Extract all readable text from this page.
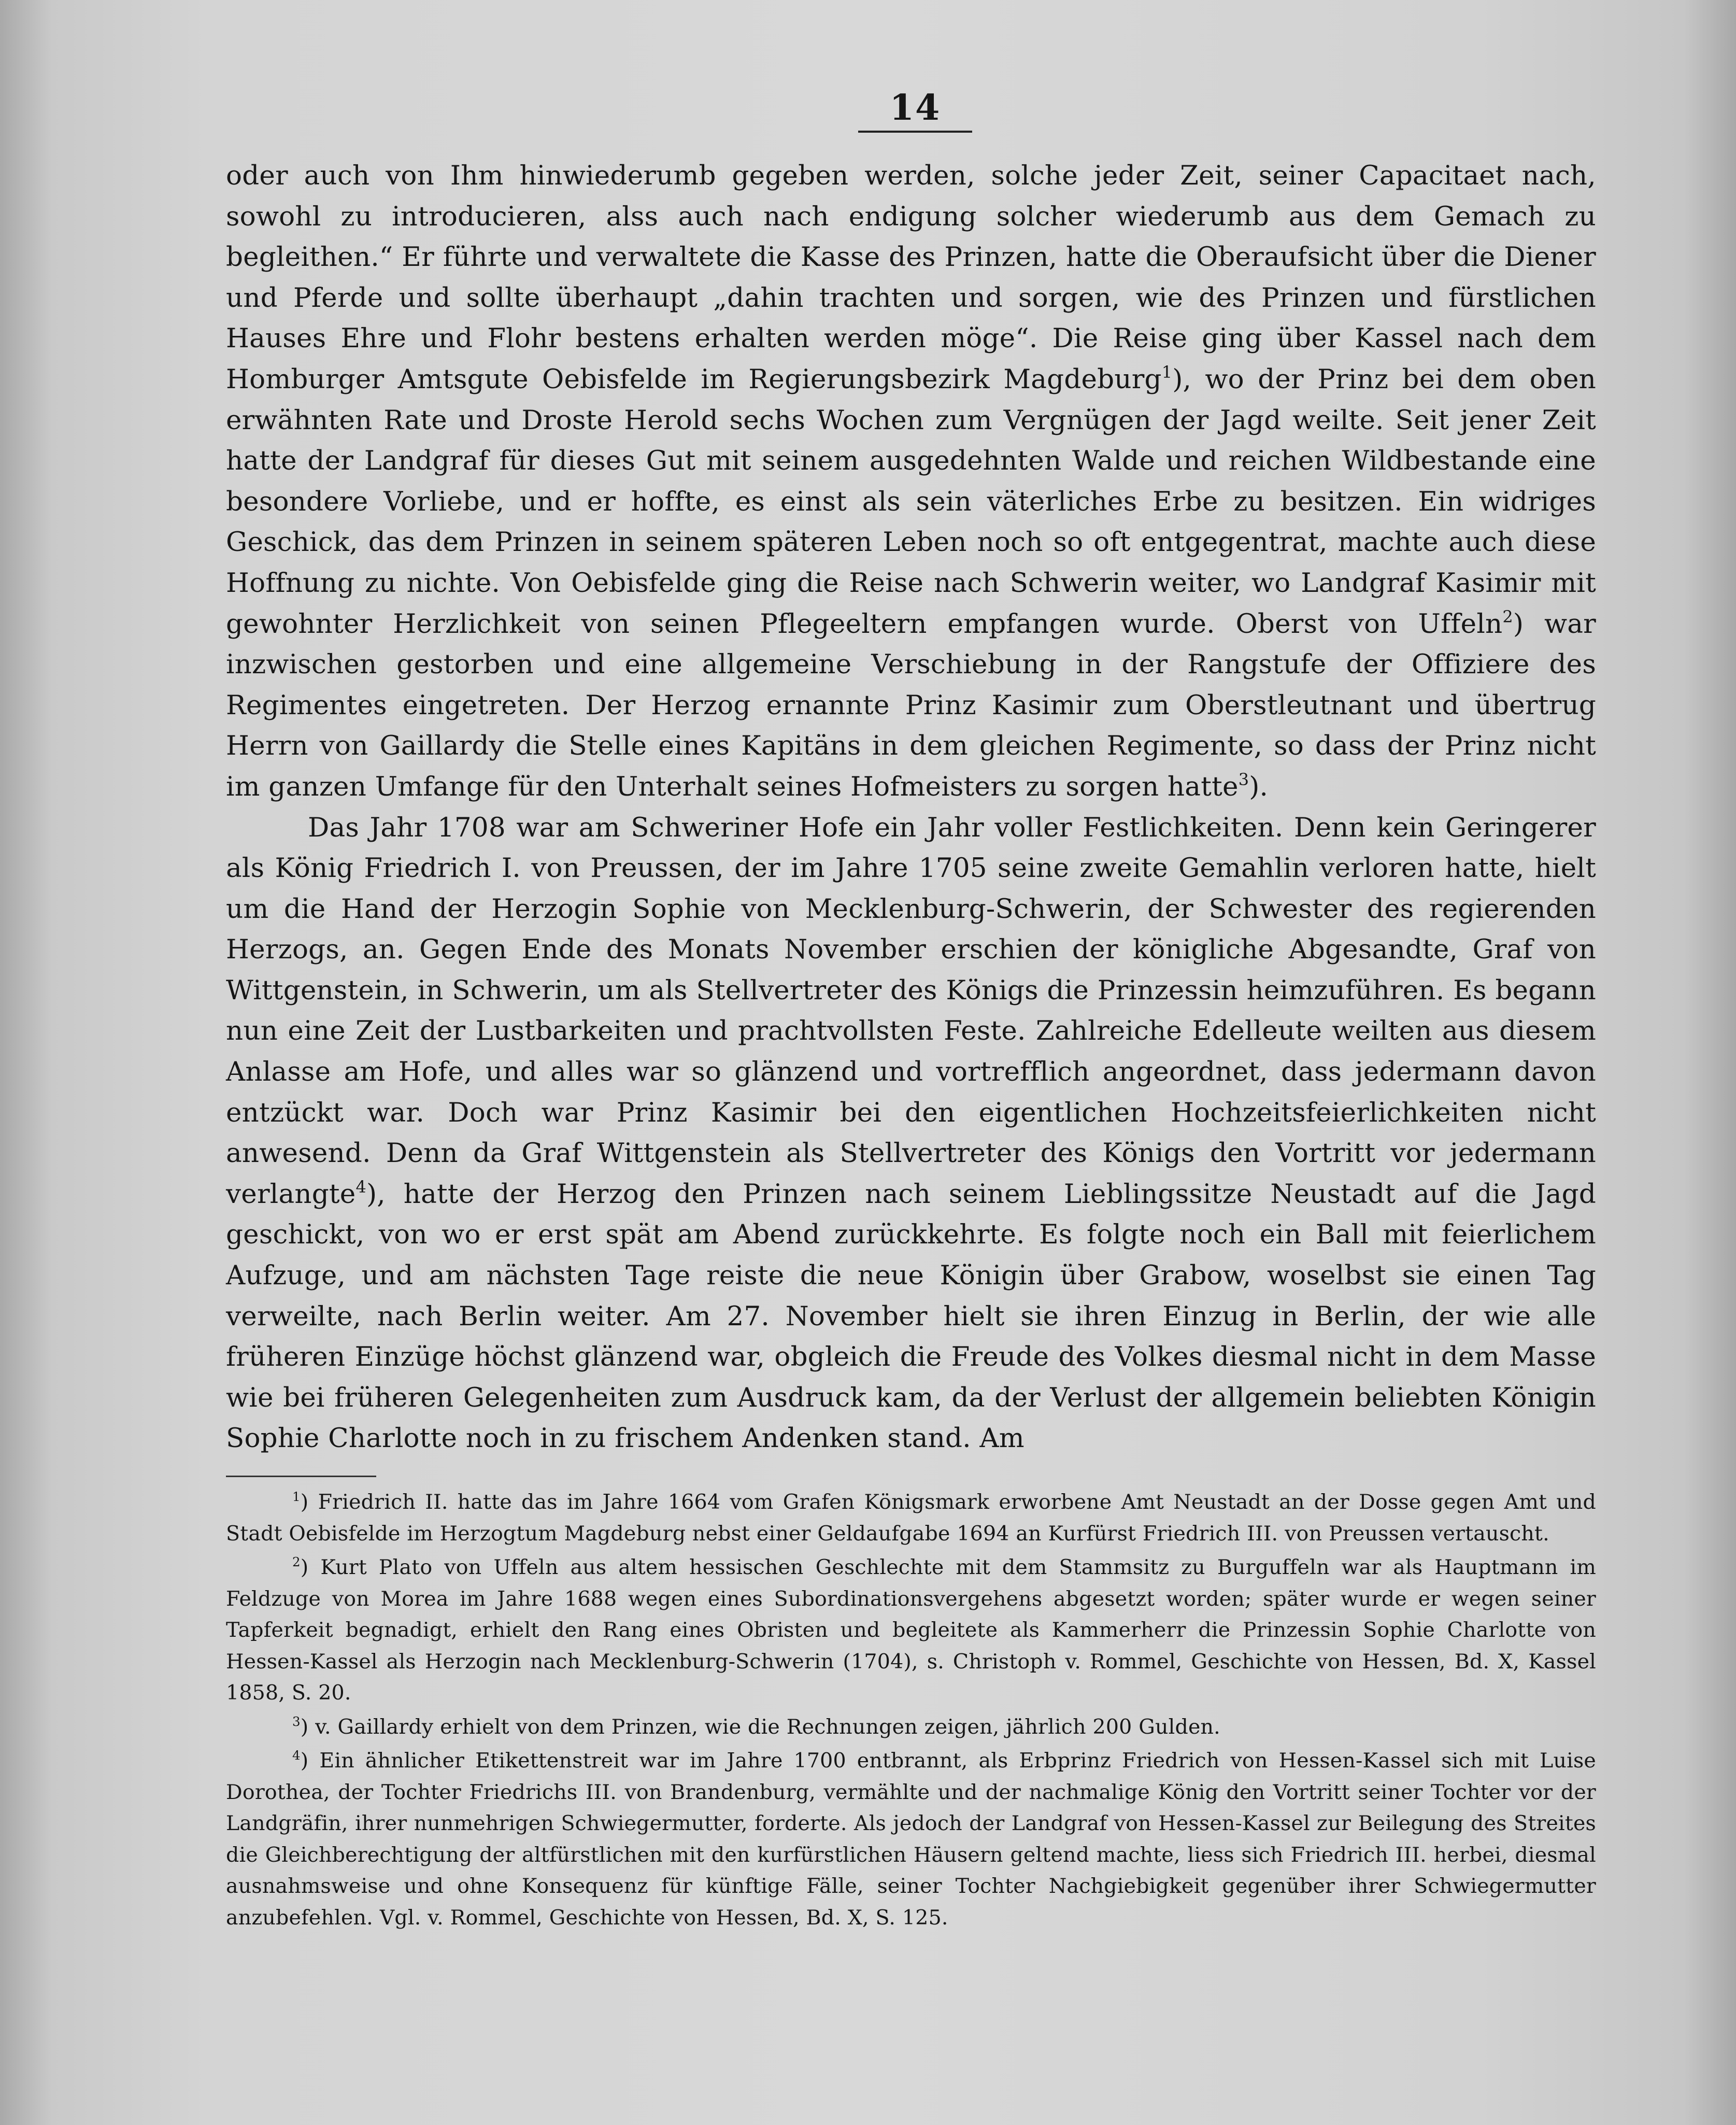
14

oder auch von Ihm hinwiederumb gegeben werden, solche jeder Zeit, seiner Capacitaet nach, sowohl zu introducieren, alss auch nach endigung solcher wiederumb aus dem Gemach zu begleithen.“ Er führte und verwaltete die Kasse des Prinzen, hatte die Oberaufsicht über die Diener und Pferde und sollte überhaupt „dahin trachten und sorgen, wie des Prinzen und fürstlichen Hauses Ehre und Flohr bestens erhalten werden möge“. Die Reise ging über Kassel nach dem Homburger Amtsgute Oebisfelde im Regierungsbezirk Magdeburg$^1$), wo der Prinz bei dem oben erwähnten Rate und Droste Herold sechs Wochen zum Vergnügen der Jagd weilte. Seit jener Zeit hatte der Landgraf für dieses Gut mit seinem ausgedehnten Walde und reichen Wildbestande eine besondere Vorliebe, und er hoffte, es einst als sein väterliches Erbe zu besitzen. Ein widriges Geschick, das dem Prinzen in seinem späteren Leben noch so oft entgegentrat, machte auch diese Hoffnung zu nichte. Von Oebisfelde ging die Reise nach Schwerin weiter, wo Landgraf Kasimir mit gewohnter Herzlichkeit von seinen Pflegeeltern empfangen wurde. Oberst von Uffeln$^2$) war inzwischen gestorben und eine allgemeine Verschiebung in der Rangstufe der Offiziere des Regimentes eingetreten. Der Herzog ernannte Prinz Kasimir zum Oberstleutnant und übertrug Herrn von Gaillardy die Stelle eines Kapitäns in dem gleichen Regimente, so dass der Prinz nicht im ganzen Umfange für den Unterhalt seines Hofmeisters zu sorgen hatte$^3$).

Das Jahr 1708 war am Schweriner Hofe ein Jahr voller Festlichkeiten. Denn kein Geringerer als König Friedrich I. von Preussen, der im Jahre 1705 seine zweite Gemahlin verloren hatte, hielt um die Hand der Herzogin Sophie von Mecklenburg-Schwerin, der Schwester des regierenden Herzogs, an. Gegen Ende des Monats November erschien der königliche Abgesandte, Graf von Wittgenstein, in Schwerin, um als Stellvertreter des Königs die Prinzessin heimzuführen. Es begann nun eine Zeit der Lustbarkeiten und prachtvollsten Feste. Zahlreiche Edelleute weilten aus diesem Anlasse am Hofe, und alles war so glänzend und vortrefflich angeordnet, dass jedermann davon entzückt war. Doch war Prinz Kasimir bei den eigentlichen Hochzeitsfeierlichkeiten nicht anwesend. Denn da Graf Wittgenstein als Stellvertreter des Königs den Vortritt vor jedermann verlangte$^4$), hatte der Herzog den Prinzen nach seinem Lieblingssitze Neustadt auf die Jagd geschickt, von wo er erst spät am Abend zurückkehrte. Es folgte noch ein Ball mit feierlichem Aufzuge, und am nächsten Tage reiste die neue Königin über Grabow, woselbst sie einen Tag verweilte, nach Berlin weiter. Am 27. November hielt sie ihren Einzug in Berlin, der wie alle früheren Einzüge höchst glänzend war, obgleich die Freude des Volkes diesmal nicht in dem Masse wie bei früheren Gelegenheiten zum Ausdruck kam, da der Verlust der allgemein beliebten Königin Sophie Charlotte noch in zu frischem Andenken stand. Am

$^1$) Friedrich II. hatte das im Jahre 1664 vom Grafen Königsmark erworbene Amt Neustadt an der Dosse gegen Amt und Stadt Oebisfelde im Herzogtum Magdeburg nebst einer Geldaufgabe 1694 an Kurfürst Friedrich III. von Preussen vertauscht.

$^2$) Kurt Plato von Uffeln aus altem hessischen Geschlechte mit dem Stammsitz zu Burguffeln war als Hauptmann im Feldzuge von Morea im Jahre 1688 wegen eines Subordinationsvergehens abgesetzt worden; später wurde er wegen seiner Tapferkeit begnadigt, erhielt den Rang eines Obristen und begleitete als Kammerherr die Prinzessin Sophie Charlotte von Hessen-Kassel als Herzogin nach Mecklenburg-Schwerin (1704), s. Christoph v. Rommel, Geschichte von Hessen, Bd. X, Kassel 1858, S. 20.

$^3$) v. Gaillardy erhielt von dem Prinzen, wie die Rechnungen zeigen, jährlich 200 Gulden.

$^4$) Ein ähnlicher Etikettenstreit war im Jahre 1700 entbrannt, als Erbprinz Friedrich von Hessen-Kassel sich mit Luise Dorothea, der Tochter Friedrichs III. von Brandenburg, vermählte und der nachmalige König den Vortritt seiner Tochter vor der Landgräfin, ihrer nunmehrigen Schwiegermutter, forderte. Als jedoch der Landgraf von Hessen-Kassel zur Beilegung des Streites die Gleichberechtigung der altfürstlichen mit den kurfürstlichen Häusern geltend machte, liess sich Friedrich III. herbei, diesmal ausnahmsweise und ohne Konsequenz für künftige Fälle, seiner Tochter Nachgiebigkeit gegenüber ihrer Schwiegermutter anzubefehlen. Vgl. v. Rommel, Geschichte von Hessen, Bd. X, S. 125.
